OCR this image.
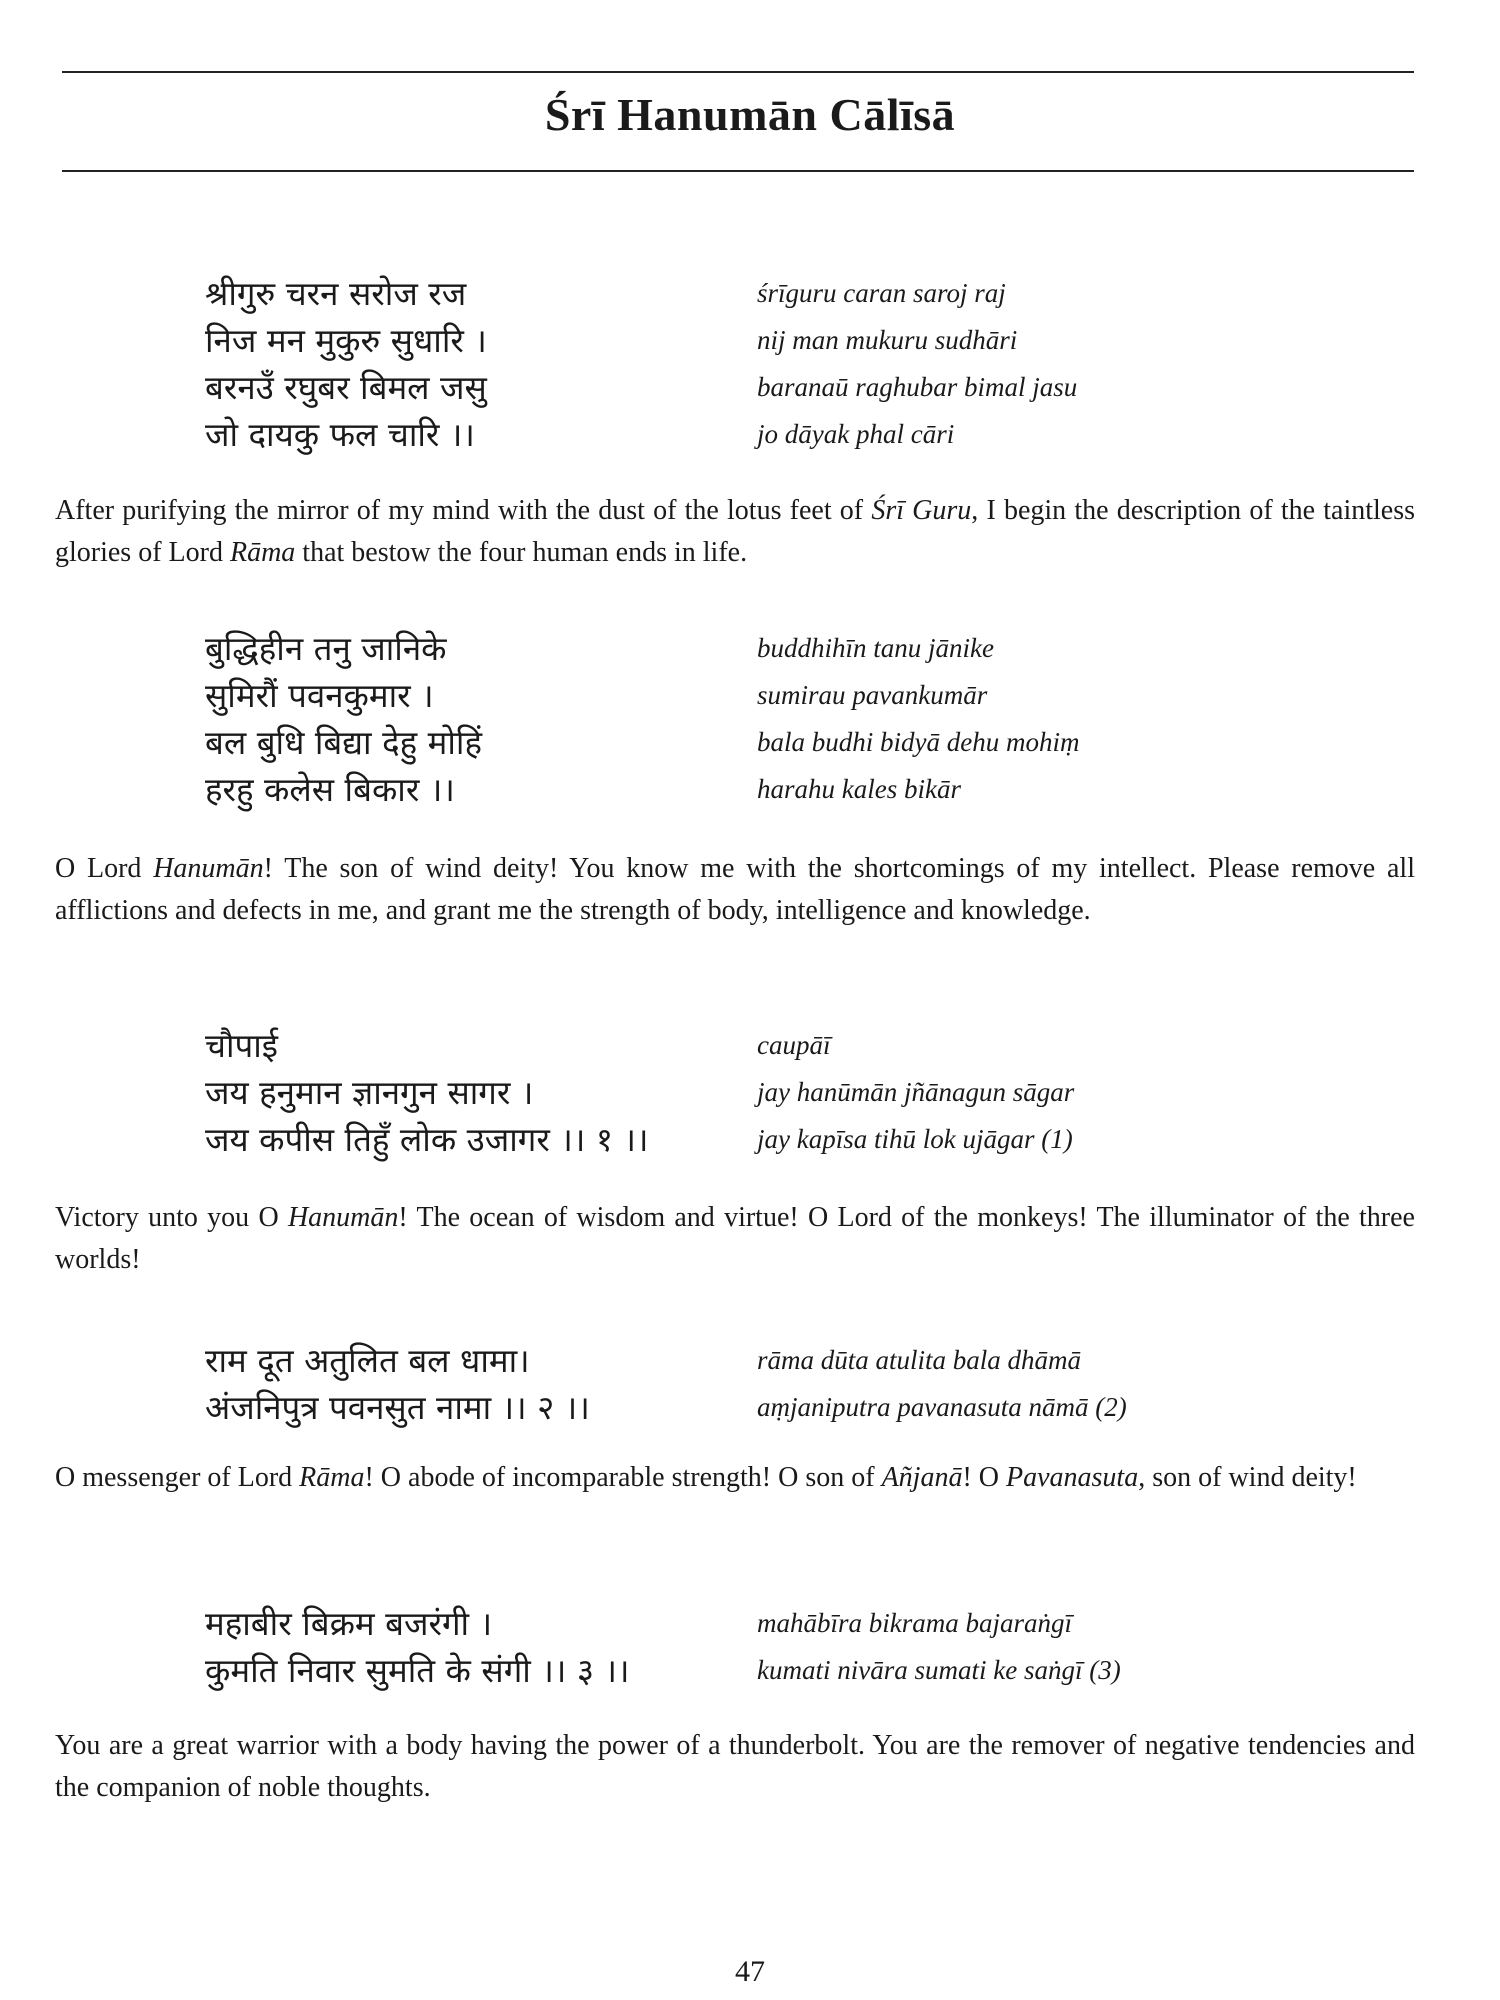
Śrī Hanumān Cālīsā
श्रीगुरु चरन सरोज रज	śrīguru caran saroj raj
निज मन मुकुरु सुधारि ।	nij man mukuru sudhāri
बरनउँ रघुबर बिमल जसु	baranaū raghubar bimal jasu
जो दायकु फल चारि ।।	jo dāyak phal cāri
After purifying the mirror of my mind with the dust of the lotus feet of Śrī Guru, I begin the description of the taintless glories of Lord Rāma that bestow the four human ends in life.
बुद्धिहीन तनु जानिके	buddhihīn tanu jānike
सुमिरौं पवनकुमार ।	sumirau pavankumār
बल बुधि बिद्या देहु मोहिं	bala budhi bidyā dehu mohiṃ
हरहु कलेस बिकार ।।	harahu kales bikār
O Lord Hanumān! The son of wind deity! You know me with the shortcomings of my intellect. Please remove all afflictions and defects in me, and grant me the strength of body, intelligence and knowledge.
चौपाई	caupāī
जय हनुमान ज्ञानगुन सागर ।	jay hanūmān jñānagun sāgar
जय कपीस तिहुँ लोक उजागर ।। १ ।।	jay kapīsa tihū lok ujāgar (1)
Victory unto you O Hanumān! The ocean of wisdom and virtue! O Lord of the monkeys! The illuminator of the three worlds!
राम दूत अतुलित बल धामा।	rāma dūta atulita bala dhāmā
अंजनिपुत्र पवनसुत नामा ।। २ ।।	aṃjaniputra pavanasuta nāmā (2)
O messenger of Lord Rāma! O abode of incomparable strength! O son of Añjanā! O Pavanasuta, son of wind deity!
महाबीर बिक्रम बजरंगी ।	mahābīra bikrama bajaraṅgī
कुमति निवार सुमति के संगी ।। ३ ।।	kumati nivāra sumati ke saṅgī (3)
You are a great warrior with a body having the power of a thunderbolt. You are the remover of negative tendencies and the companion of noble thoughts.
47
